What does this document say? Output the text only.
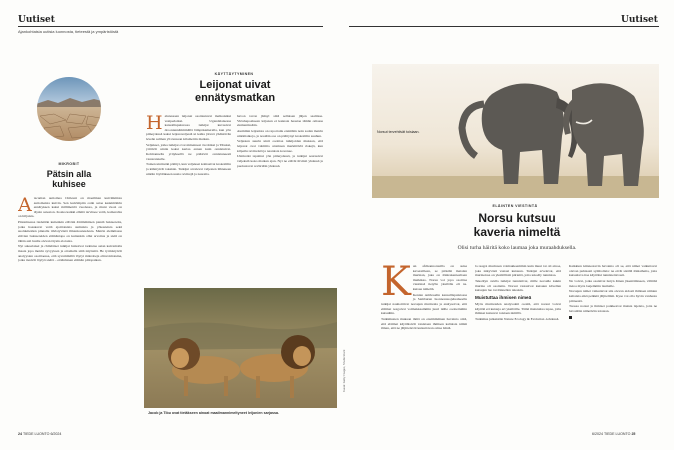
Uutiset
Ajankohtaisia uutisia luonnosta, tieteestä ja ympäristöstä
MIKROBIT
Pätsin alla
kuhisee
A tacaman autiomaa Chilessä on maailman kuivimmista autiomaista kuivin. Sen kuivimpiin osiin sataa keskimäärin ennätyksen kaksi millimetriä vuodessa, ja muni vuosi on täysin sateeton. Koska kaikki elämä tarvitsee vettä, kamarabia on hiljaista.

Pintamaassa tiedetään kuitenkin eläväni äärimmäisen pieniä bakteereita, jotka haaskavat vettä ajoittaisista sumuista ja yökasteista sekä suolakiteiden pinnalle tiivistyvästä ilmankosteudesta. Metrin alemmassa elävien bakteereiden elämäntapa on kuitenkin ollut arvoitus ja sielä on tähän asti luultu olevan täysin elotonta.

Nyt saksalaiset ja chileläiset tutkijat halusivat tarkistaa asian kaivamalla maata jopa metrin syvyyteen ja ottamalla siitä näytteitä. He tyrmistyivät analyysien osoittaessa, että syvemmältä löytyi mikrobeja elinvoimaisina, jotka tiesivät löytyä sieltä – eräänlaisen elämän piilopaikan.

KÄYTTÄYTYMINEN
Leijonat uivat
ennätysmatkan
H alutessaan leijonat osottautuvat melkoisiksi vesipedoiksi. Ugandalaisessa kansallispuistossa tutkijat kuvasivat drooniennätimmällä lämpökameralla, kun yön pimeydessä kaksi leijonaveljestä ui kahta järveä yhdistävän leveän salmen yli runsaan kilometrin matkan.

Veljekset, jotka tutkijat ovat nimenneet Jacobiksi ja Tibuksi, yrittivät uintia kaksi kertaa ennen kuin onnistuivat. Kolmannella yrityksellä ne pääsivät onnistuneesti vastarannalle.

Toinen uintiretki päättyi, kun veljekset kohtasivat krokotiilin ja kääntyivät takaisin. Tutkijat arvelevat veljesten lähteneen uintiin löytääkseen uusia reviirejä ja naaraita.

hevon tavon jäänyt siitä sellaisen jäljen saaliissa. Virtahepoalueen leijonan ei kannata haastaa tämän omassa elementissään.

Aiemmin leijonista on raportoitu ennätään noin sadan metrin uintimatkoja, ja nostään osa on päättynyt krokotiilin suuhun.

Veljesten suurin uinti osoittaa tutkijoiden mukaan, että leijonat ovat valmiita ottamaan merkittäviä riskejä, kun kilpailu reviireistä ja naaraista kovenee.

Uintiretki tapahtui yön pimeydessä, ja tutkijat seurasivat veljeksiä koko matkan ajan. Nyt ne elävät tiiviisti yhdessä ja puolustavat reviiriään yhdessä.

Jacob ja Tibu ovat tietäkseen ainoat maailmannimeltyneet leijonien sarjassa.
24 TIEDE LUONTO 6/2024
Uutiset
Norsut tervehtivät toisiaan.
Kuvat: Getty Images, Shutterstock
ELÄINTEN VIESTINTÄ
Norsu kutsuu
kaveria nimeltä
Olisi turha häiritä koko laumaa joka muraahduksella.
K un afrikannorsuilla on asiaa kavereilleen, se päästää matalan murinan, joka on äänirakenteeltaan mutkikas. Norsu voi jopa osoittaa viestinsä tietylle yksilölle eli ns. kutsua nimeltä.

Kenian Amboselin kansallispuistossa ja Samburun luonnonsuojelualueella tutkijat nauhoittivat norsujen murinoita ja analysoivat, että eläimet reagoivat voimakkaammin juuri niille osoitettuihin kutsuihin.

Tutkimusten mukaan tämä on ensimmäinen havainto siitä, että eläimet käyttäisivät toisistaan ihmisen kaltaisia nimiä ilman, että ne jäljittelevät kutsuttavan omaa ääntä.

la reagoi murinaan voimakkaammin kuin muut tai oli ainoa, joka näkyvästi vastasi kutsuun. Tutkijat arvelevat, että murinoissa on yksilöllisiä piirteitä, joita tekoäly tunnistaa.

Tekoälyn avulla tutkijat tunnistivat, mille norsulle kukin murina oli osoitettu. Norsut vastasivat kutsuun kävellen kutsujan luo tai äännellen takaisin.

Muistuttaa ihmisen nimeä

Myös murinoiden analysointi osoitti, että norsut voivat käyttää eri kutsuja eri yksilöille. Tämä muistuttaa tapaa, jolla ihmiset kutsuvat toisiaan nimillä.

Tutkimus julkaistiin Nature Ecology & Evolution -lehdessä.

Kaikkien kiinnostavin havainto oli se, että nimet vaikuttavat olevan puhtaasti symbolisia: ne eivät sisällä ääniaiheita, joita kutsuttava itse käyttäisi tunnistettavasti.

Ne voivat, jotka osaisivat tietyn äänen jäsentämiseen, välittää tietoa myös laajemmin laumalle.

Norsujen nimet vaikuttavat siis olevan aidosti ihmisen nimien kaltaisia eikä pelkkiä jäljitelmiä. Kyse voi olla hyvin vanhasta piirteestä.

Tuossa norsut ja ihmiset poikkeavat muista lajeista, jotta ne havaittiin nimeävän toisiaan.

6/2024 TIEDE LUONTO 25
